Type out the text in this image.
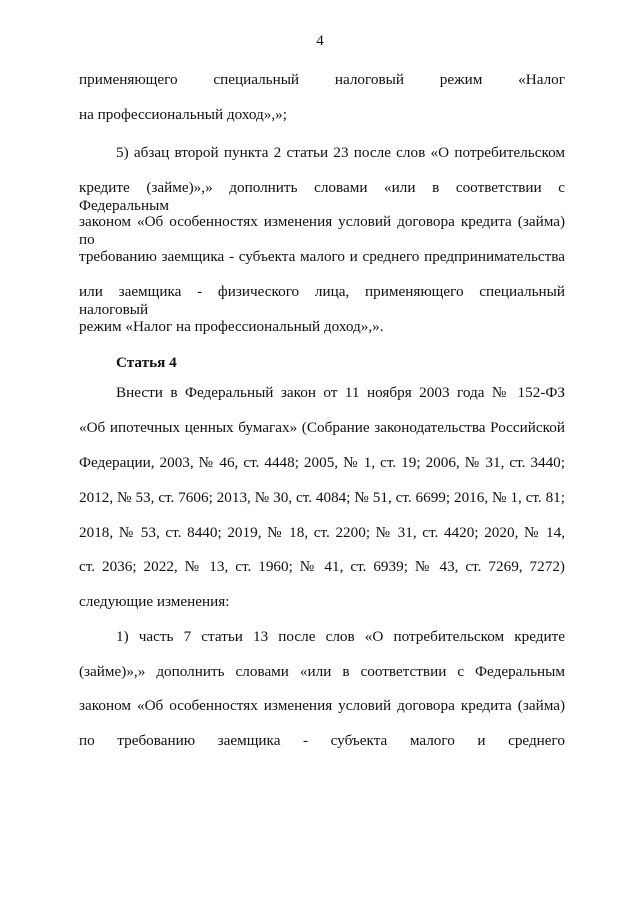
4
применяющего специальный налоговый режим «Налог
на профессиональный доход»,»;
5) абзац второй пункта 2 статьи 23 после слов «О потребительском
кредите (займе)»,» дополнить словами «или в соответствии с Федеральным
законом «Об особенностях изменения условий договора кредита (займа) по
требованию заемщика - субъекта малого и среднего предпринимательства
или заемщика - физического лица, применяющего специальный налоговый
режим «Налог на профессиональный доход»,».
Статья 4
Внести в Федеральный закон от 11 ноября 2003 года № 152-ФЗ
«Об ипотечных ценных бумагах» (Собрание законодательства Российской
Федерации, 2003, № 46, ст. 4448; 2005, № 1, ст. 19; 2006, № 31, ст. 3440;
2012, № 53, ст. 7606; 2013, № 30, ст. 4084; № 51, ст. 6699; 2016, № 1, ст. 81;
2018, № 53, ст. 8440; 2019, № 18, ст. 2200; № 31, ст. 4420; 2020, № 14,
ст. 2036; 2022, № 13, ст. 1960; № 41, ст. 6939; № 43, ст. 7269, 7272)
следующие изменения:
1) часть 7 статьи 13 после слов «О потребительском кредите
(займе)»,» дополнить словами «или в соответствии с Федеральным
законом «Об особенностях изменения условий договора кредита (займа)
по требованию заемщика - субъекта малого и среднего
